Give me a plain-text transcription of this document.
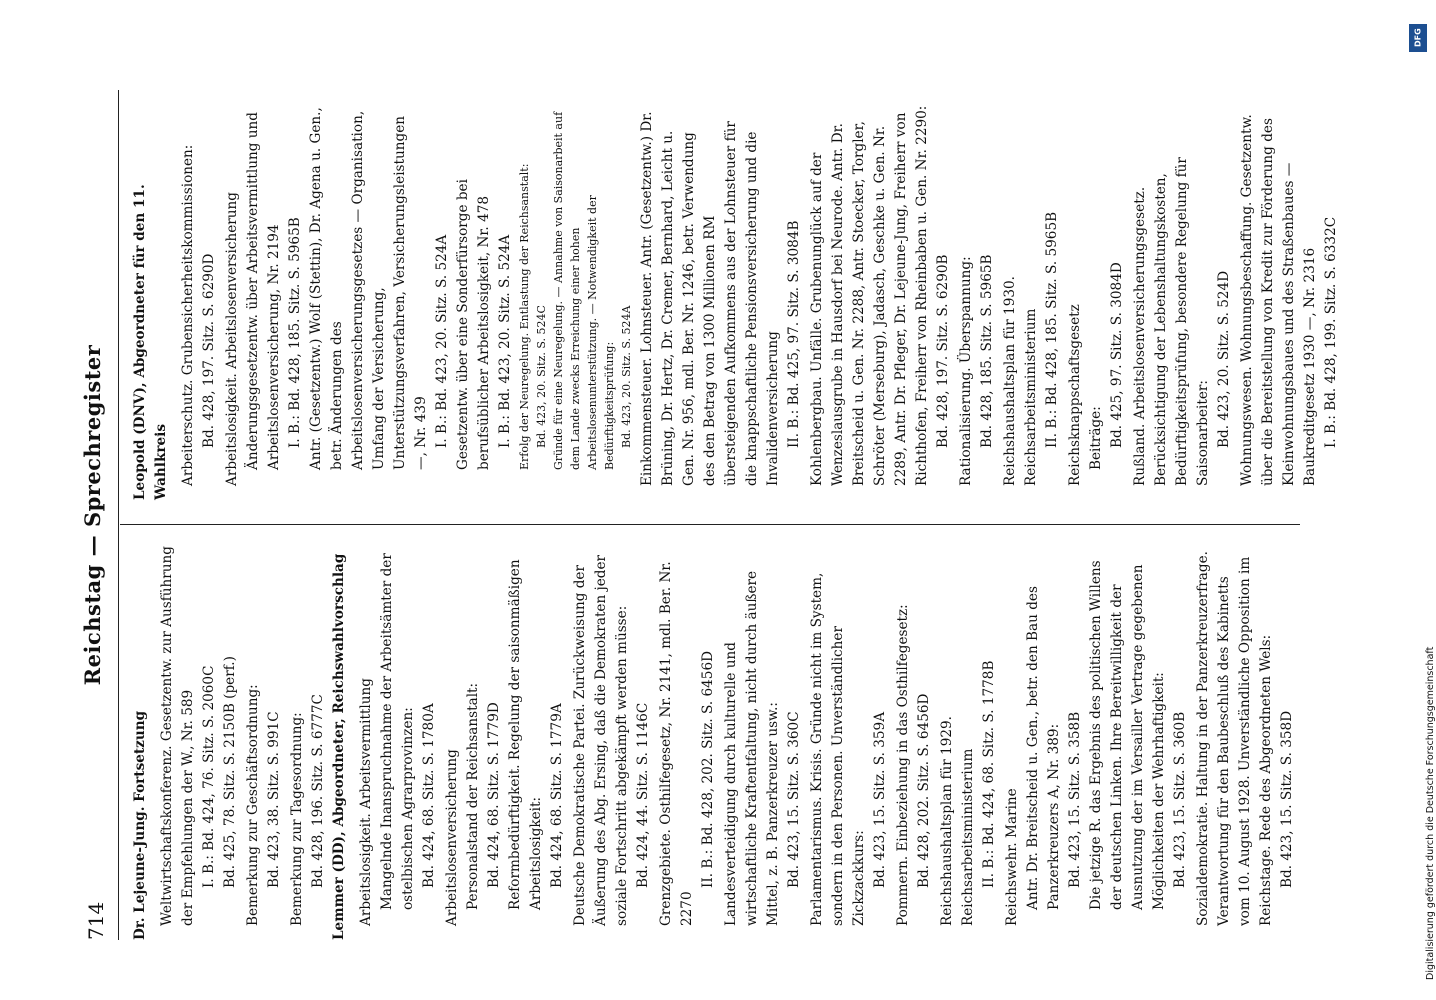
714
Reichstag — Sprechregister
Dr. Lejeune-Jung. Fortsetzung Weltwirtschaftskonferenz. Gesetzentw. zur Ausführung der Empfehlungen der W., Nr. 589 I. B.: Bd. 424, 76. Sitz. S. 2060C Bd. 425, 78. Sitz. S. 2150B (perf.) Bemerkung zur Geschäftsordnung: Bd. 423, 38. Sitz. S. 991C Bemerkung zur Tagesordnung: Bd. 428, 196. Sitz. S. 6777C Lemmer (DD), Abgeordneter, Reichswahlvorschlag Arbeitslosigkeit. Arbeitsvermittlung Mangelnde Inanspruchnahme der Arbeitsämter der ostelbischen Agrarprovinzen: Bd. 424, 68. Sitz. S. 1780A Arbeitslosenversicherung Personalstand der Reichsanstalt: Bd. 424, 68. Sitz. S. 1779D Reformbedürftigkeit. Regelung der saisonmäßigen Arbeitslosigkeit: Bd. 424, 68. Sitz. S. 1779A Deutsche Demokratische Partei. Zurückweisung der Äußerung des Abg. Ersing, daß die Demokraten jeder soziale Fortschritt abgekämpft werden müsse: Bd. 424, 44. Sitz. S. 1146C Grenzgebiete. Osthilfegesetz, Nr. 2141, mdl. Ber. Nr. 2270
II. B.: Bd. 428, 202. Sitz. S. 6456D Landesverteidigung durch kulturelle und wirtschaftliche Kraftentfaltung, nicht durch äußere Mittel, z. B. Panzerkreuzer usw.: Bd. 423, 15. Sitz. S. 360C Parlamentarismus. Krisis. Gründe nicht im System, sondern in den Personen. Unverständlicher Zickzackkurs: Bd. 423, 15. Sitz. S. 359A Pommern. Einbeziehung in das Osthilfegesetz: Bd. 428, 202. Sitz. S. 6456D Reichshaushaltsplan für 1929. Reichsarbeitsministerium II. B.: Bd. 424, 68. Sitz. S. 1778B Reichswehr. Marine Antr. Dr. Breitscheid u. Gen., betr. den Bau des Panzerkreuzers A, Nr. 389: Bd. 423, 15. Sitz. S. 358B Die jetzige R. das Ergebnis des politischen Willens der deutschen Linken. Ihre Bereitwilligkeit der Ausnutzung der im Versailler Vertrage gegebenen Möglichkeiten der Wehrhaftigkeit: Bd. 423, 15. Sitz. S. 360B Sozialdemokratie. Haltung in der Panzerkreuzerfrage. Verantwortung für den Baubeschluß des Kabinetts vom 10. August 1928. Unverständliche Opposition im Reichstage. Rede des Abgeordneten Wels: Bd. 423, 15. Sitz. S. 358D
Leopold (DNV), Abgeordneter für den 11. Wahlkreis Arbeiterschutz. Grubensicherheitskommissionen: Bd. 428, 197. Sitz. S. 6290D Arbeitslosigkeit. Arbeitslosenversicherung Änderungsgesetzentw. über Arbeitsvermittlung und Arbeitslosenversicherung, Nr. 2194 I. B.: Bd. 428, 185. Sitz. S. 5965B Antr. (Gesetzentw.) Wolf (Stettin), Dr. Agena u. Gen., betr. Änderungen des Arbeitslosenversicherungsgesetzes — Organisation, Umfang der Versicherung, Unterstützungsverfahren, Versicherungsleistungen —, Nr. 439 I. B.: Bd. 423, 20. Sitz. S. 524A Gesetzentw. über eine Sonderfürsorge bei berufsüblicher Arbeitslosigkeit, Nr. 478 I. B.: Bd. 423, 20. Sitz. S. 524A Erfolg der Neuregelung. Entlastung der Reichsanstalt: Bd. 423, 20. Sitz. S. 524C Gründe für eine Neuregelung. — Annahme von Saisonarbeit auf dem Lande zwecks Erreichung einer hohen Arbeitslosenunterstützung. — Notwendigkeit der Bedürftigkeitsprüfung: Bd. 423, 20. Sitz. S. 524A Einkommensteuer. Lohnsteuer. Antr. (Gesetzentw.) Dr. Brüning, Dr. Hertz, Dr. Cremer, Bernhard, Leicht u. Gen. Nr. 956, mdl. Ber. Nr. 1246, betr. Verwendung des den Betrag von 1300 Millionen RM übersteigenden Aufkommens aus der Lohnsteuer für die knappschaftliche Pensionsversicherung und die Invalidenversicherung II. B.: Bd. 425, 97. Sitz. S. 3084B Kohlenbergbau. Unfälle. Grubenunglück auf der Wenzeslausgrube in Hausdorf bei Neurode. Antr. Dr. Breitscheid u. Gen. Nr. 2288, Antr. Stoecker, Torgler, Schröter (Merseburg), Jadasch, Geschke u. Gen. Nr. 2289, Antr. Dr. Pfleger, Dr. Lejeune-Jung, Freiherr von Richthofen, Freiherr von Rheinbaben u. Gen. Nr. 2290: Bd. 428, 197. Sitz. S. 6290B Rationalisierung. Überspannung: Bd. 428, 185. Sitz. S. 5965B Reichshaushaltsplan für 1930. Reichsarbeitsministerium II. B.: Bd. 428, 185. Sitz. S. 5965B Reichsknappschaftsgesetz Beiträge: Bd. 425, 97. Sitz. S. 3084D Rußland. Arbeitslosenversicherungsgesetz. Berücksichtigung der Lebenshaltungskosten, Bedürftigkeitsprüfung, besondere Regelung für Saisonarbeiter: Bd. 423, 20. Sitz. S. 524D Wohnungswesen. Wohnungsbeschaffung. Gesetzentw. über die Bereitstellung von Kredit zur Förderung des Kleinwohnungsbaues und des Straßenbaues — Baukreditgesetz 1930 —, Nr. 2316 I. B.: Bd. 428, 199. Sitz. S. 6332C
DFG
Digitalisierung gefördert durch die Deutsche Forschungsgemeinschaft
